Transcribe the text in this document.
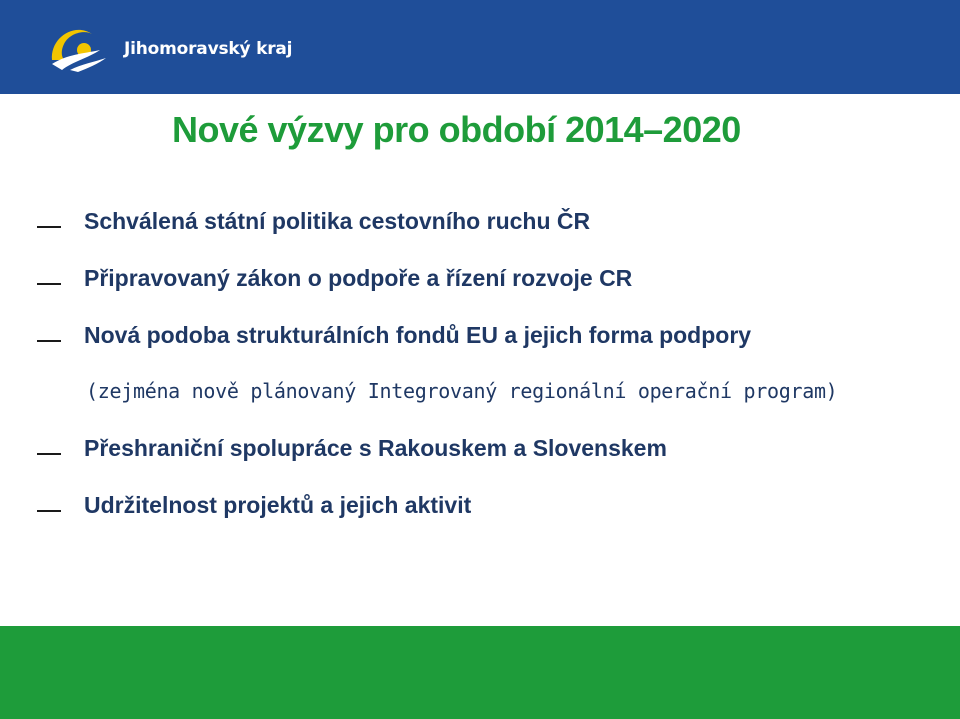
Jihomoravský kraj
Nové výzvy pro období 2014–2020
Schválená státní politika cestovního ruchu ČR
Připravovaný zákon o podpoře a řízení rozvoje CR
Nová podoba strukturálních fondů EU a jejich forma podpory
(zejména nově plánovaný Integrovaný regionální operační program)
Přeshraniční spolupráce s Rakouskem a Slovenskem
Udržitelnost projektů a jejich aktivit
